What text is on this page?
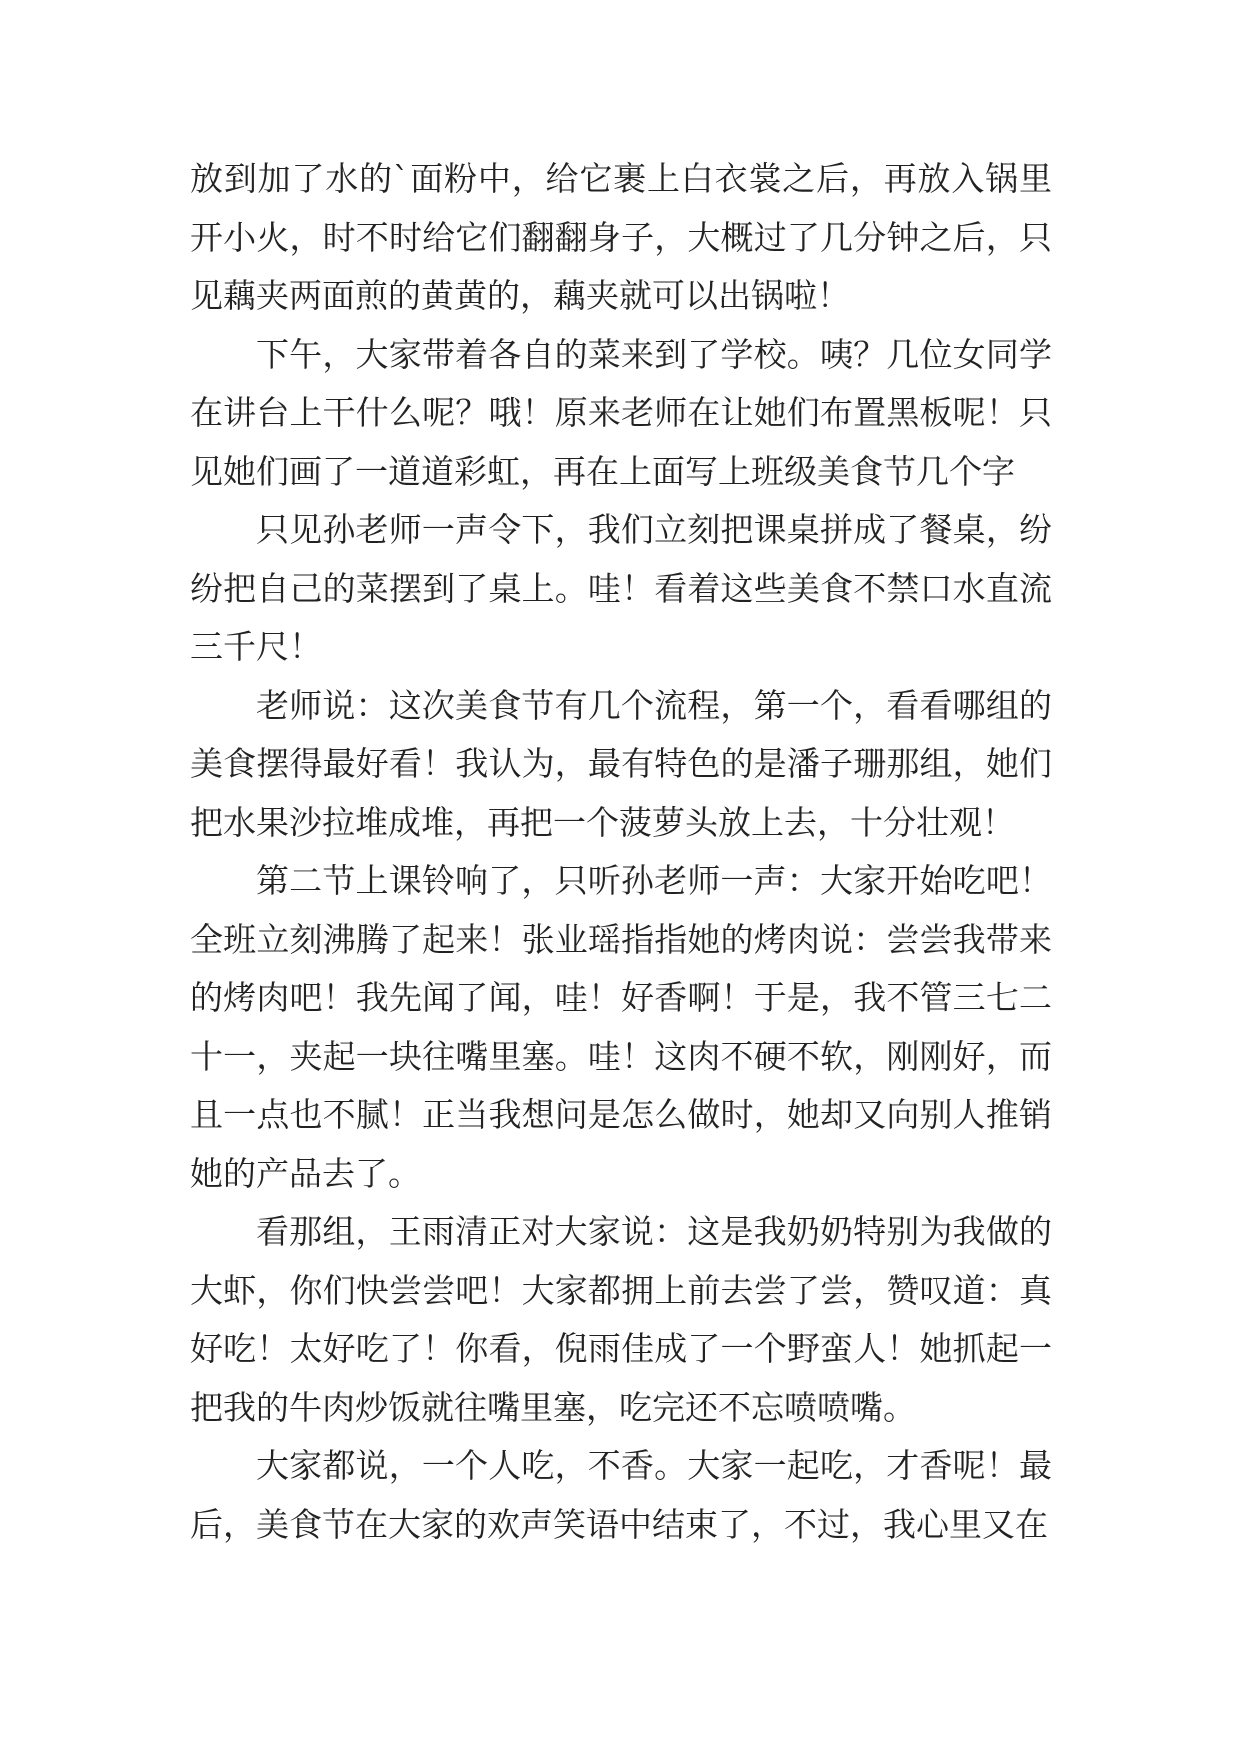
放到加了水的`面粉中，给它裹上白衣裳之后，再放入锅里开小火，时不时给它们翻翻身子，大概过了几分钟之后，只见藕夹两面煎的黄黄的，藕夹就可以出锅啦！

下午，大家带着各自的菜来到了学校。咦？几位女同学在讲台上干什么呢？哦！原来老师在让她们布置黑板呢！只见她们画了一道道彩虹，再在上面写上班级美食节几个字

只见孙老师一声令下，我们立刻把课桌拼成了餐桌，纷纷把自己的菜摆到了桌上。哇！看着这些美食不禁口水直流三千尺！

老师说：这次美食节有几个流程，第一个，看看哪组的美食摆得最好看！我认为，最有特色的是潘子珊那组，她们把水果沙拉堆成堆，再把一个菠萝头放上去，十分壮观！

第二节上课铃响了，只听孙老师一声：大家开始吃吧！全班立刻沸腾了起来！张业瑶指指她的烤肉说：尝尝我带来的烤肉吧！我先闻了闻，哇！好香啊！于是，我不管三七二十一，夹起一块往嘴里塞。哇！这肉不硬不软，刚刚好，而且一点也不腻！正当我想问是怎么做时，她却又向别人推销她的产品去了。

看那组，王雨清正对大家说：这是我奶奶特别为我做的大虾，你们快尝尝吧！大家都拥上前去尝了尝，赞叹道：真好吃！太好吃了！你看，倪雨佳成了一个野蛮人！她抓起一把我的牛肉炒饭就往嘴里塞，吃完还不忘喷喷嘴。

大家都说，一个人吃，不香。大家一起吃，才香呢！最后，美食节在大家的欢声笑语中结束了，不过，我心里又在
